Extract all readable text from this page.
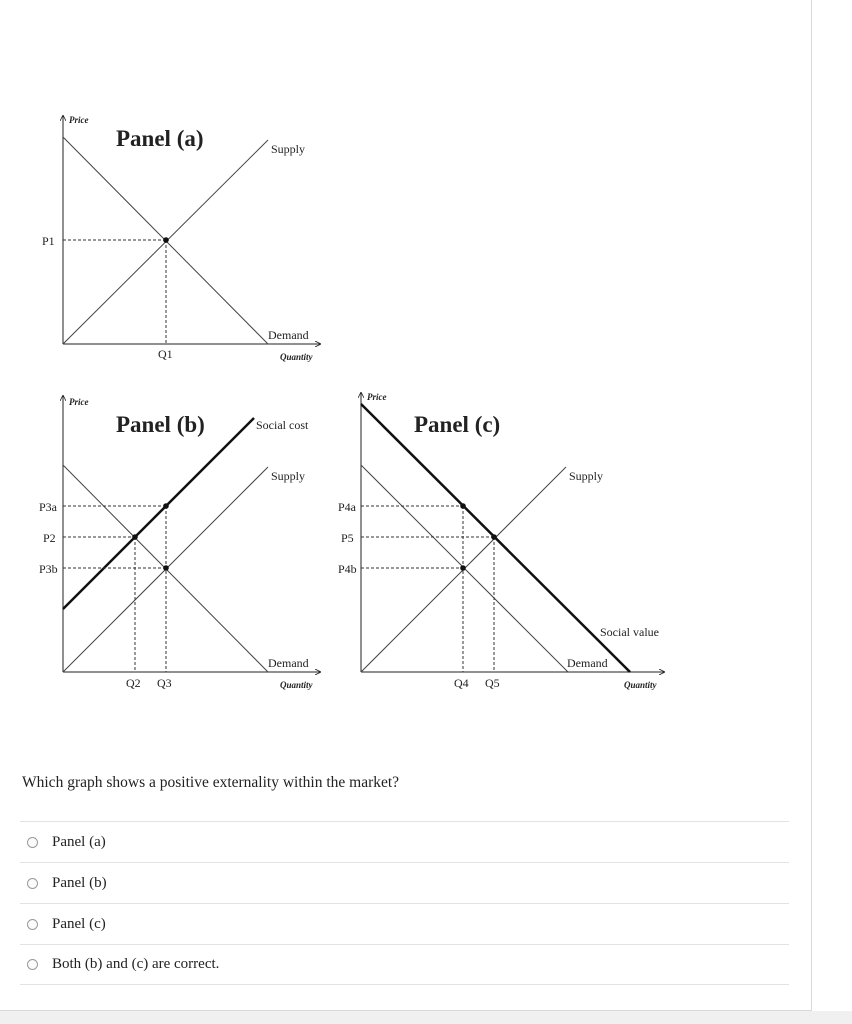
Price
Quantity
Panel (a)	Supply
Demand
P1
Q1
Price
Quantity
Panel (b)	Social cost
Supply
Demand
P3a
P2
P3b
Q2 Q3
Price
Quantity
Panel (c)
Supply
Social value
Demand
P4a
P5
P4b
Q4 Q5

Which graph shows a positive externality within the market?

Panel (a)
Panel (b)
Panel (c)
Both (b) and (c) are correct.
